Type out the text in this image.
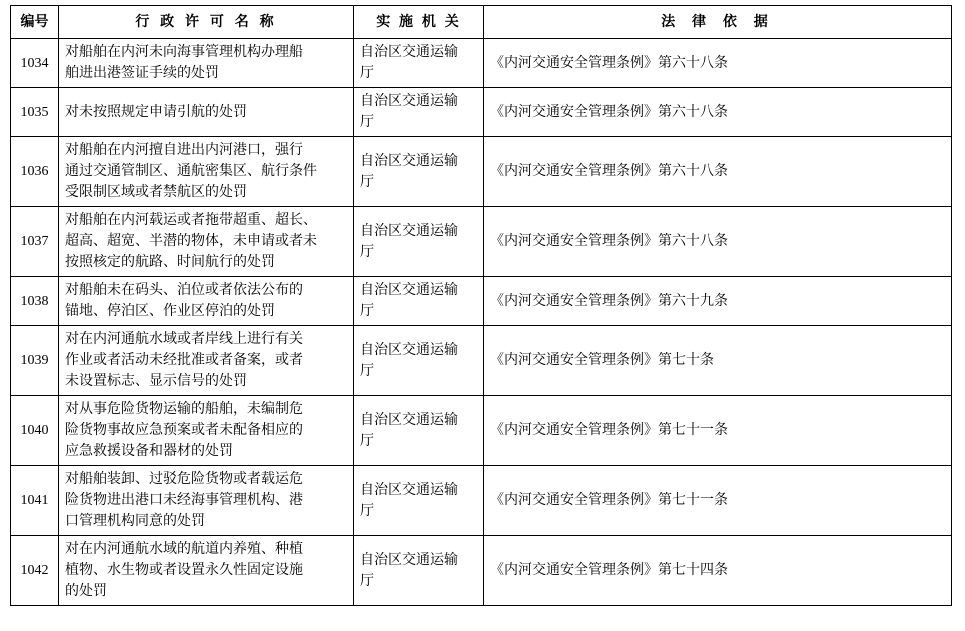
编号	行 政 许 可 名 称	实 施 机 关	法 律 依 据
1034	对船舶在内河未向海事管理机构办理船
舶进出港签证手续的处罚	自治区交通运输
厅	《内河交通安全管理条例》第六十八条

1035	对未按照规定申请引航的处罚	自治区交通运输
厅	《内河交通安全管理条例》第六十八条

1036	对船舶在内河擅自进出内河港口，强行
通过交通管制区、通航密集区、航行条件
受限制区域或者禁航区的处罚	自治区交通运输
厅	《内河交通安全管理条例》第六十八条

1037	对船舶在内河载运或者拖带超重、超长、
超高、超宽、半潜的物体，未申请或者未
按照核定的航路、时间航行的处罚	自治区交通运输
厅	《内河交通安全管理条例》第六十八条

1038	对船舶未在码头、泊位或者依法公布的
锚地、停泊区、作业区停泊的处罚	自治区交通运输
厅	《内河交通安全管理条例》第六十九条

1039	对在内河通航水域或者岸线上进行有关
作业或者活动未经批准或者备案，或者
未设置标志、显示信号的处罚	自治区交通运输
厅	《内河交通安全管理条例》第七十条

1040	对从事危险货物运输的船舶，未编制危
险货物事故应急预案或者未配备相应的
应急救援设备和器材的处罚	自治区交通运输
厅	《内河交通安全管理条例》第七十一条

1041	对船舶装卸、过驳危险货物或者载运危
险货物进出港口未经海事管理机构、港
口管理机构同意的处罚	自治区交通运输
厅	《内河交通安全管理条例》第七十一条

1042	对在内河通航水域的航道内养殖、种植
植物、水生物或者设置永久性固定设施
的处罚	自治区交通运输
厅	《内河交通安全管理条例》第七十四条
